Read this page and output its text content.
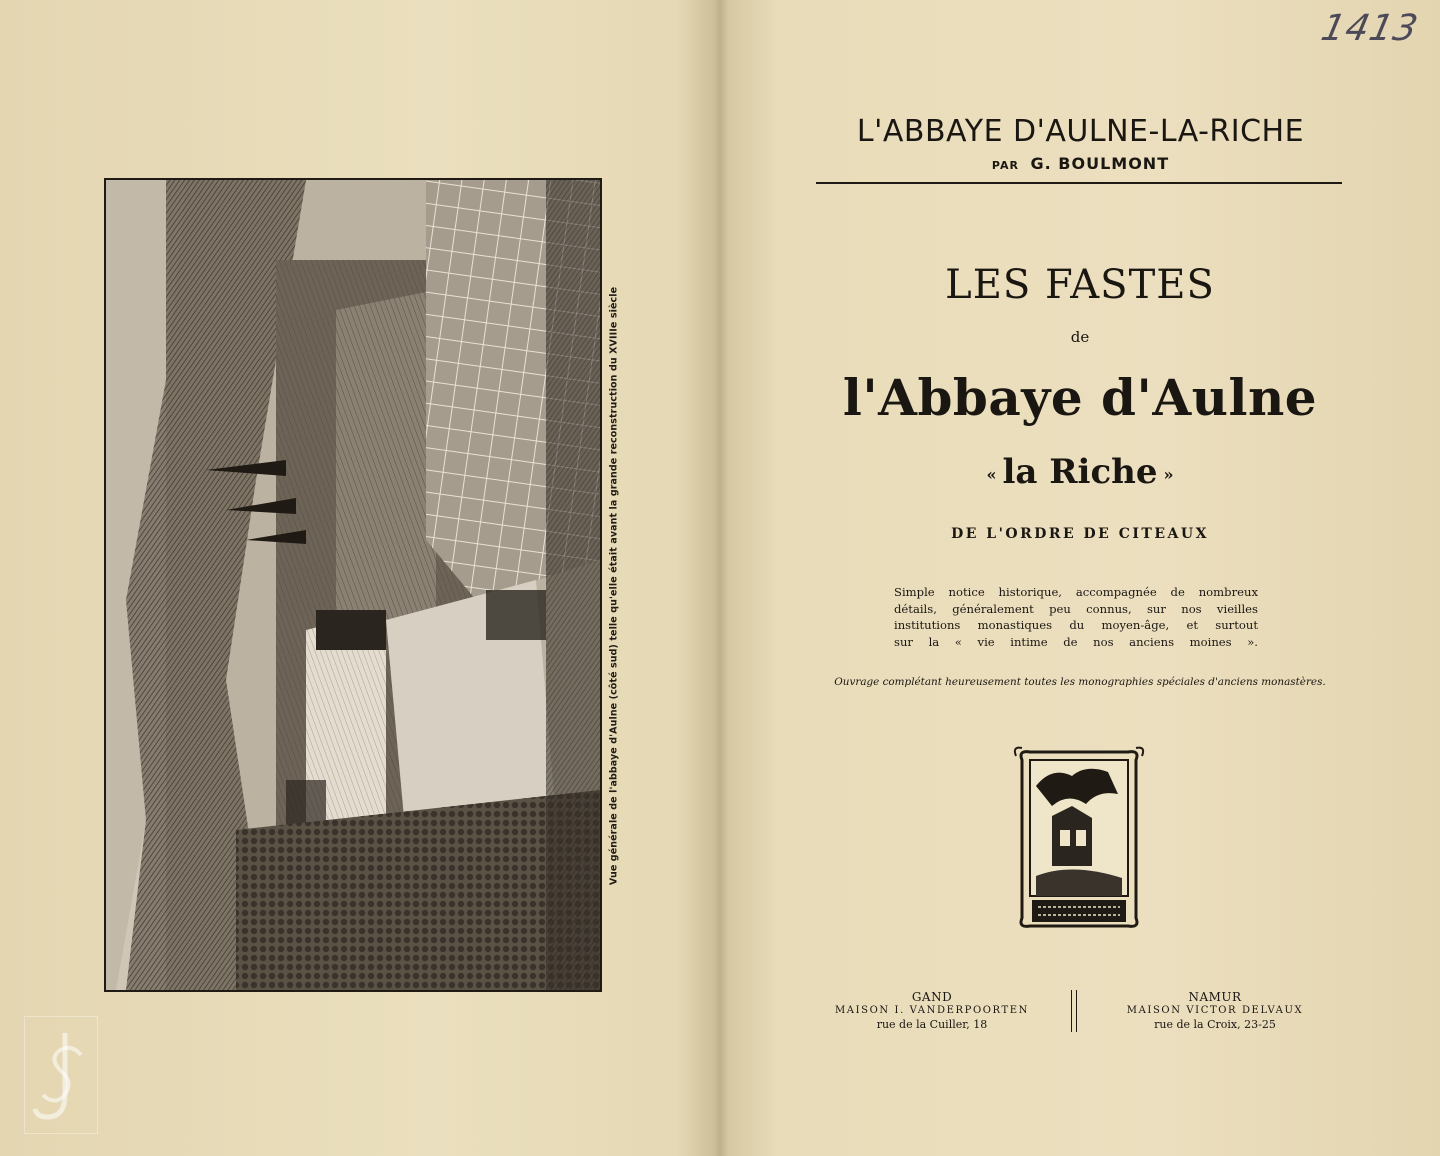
Vue générale de l'abbaye d'Aulne (côté sud) telle qu'elle était avant la grande reconstruction du XVIIIe siècle
1413
L'ABBAYE D'AULNE-LA-RICHE
PAR G. BOULMONT
LES FASTES
de
l'Abbaye d'Aulne
« la Riche »
DE L'ORDRE DE CITEAUX
Simple notice historique, accompagnée de nombreux
détails, généralement peu connus, sur nos vieilles
institutions monastiques du moyen-âge, et surtout
sur la « vie intime de nos anciens moines ».
Ouvrage complétant heureusement toutes les monographies spéciales d'anciens monastères.
GAND
MAISON I. VANDERPOORTEN
rue de la Cuiller, 18
NAMUR
MAISON VICTOR DELVAUX
rue de la Croix, 23-25
